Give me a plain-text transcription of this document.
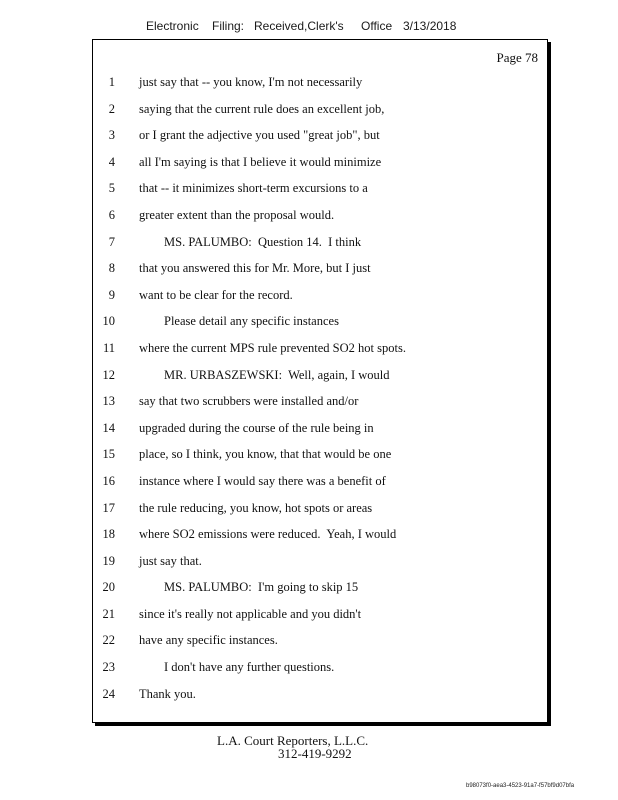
Electronic Filing: Received,Clerk's Office 3/13/2018
Page 78
1 just say that -- you know, I'm not necessarily
2 saying that the current rule does an excellent job,
3 or I grant the adjective you used "great job", but
4 all I'm saying is that I believe it would minimize
5 that -- it minimizes short-term excursions to a
6 greater extent than the proposal would.
7 MS. PALUMBO:  Question 14.  I think
8 that you answered this for Mr. More, but I just
9 want to be clear for the record.
10 Please detail any specific instances
11 where the current MPS rule prevented SO2 hot spots.
12 MR. URBASZEWSKI:  Well, again, I would
13 say that two scrubbers were installed and/or
14 upgraded during the course of the rule being in
15 place, so I think, you know, that that would be one
16 instance where I would say there was a benefit of
17 the rule reducing, you know, hot spots or areas
18 where SO2 emissions were reduced.  Yeah, I would
19 just say that.
20 MS. PALUMBO:  I'm going to skip 15
21 since it's really not applicable and you didn't
22 have any specific instances.
23 I don't have any further questions.
24 Thank you.
L.A. Court Reporters, L.L.C.
312-419-9292
b98073f0-aea3-4523-91a7-f57bf9d07bfa
